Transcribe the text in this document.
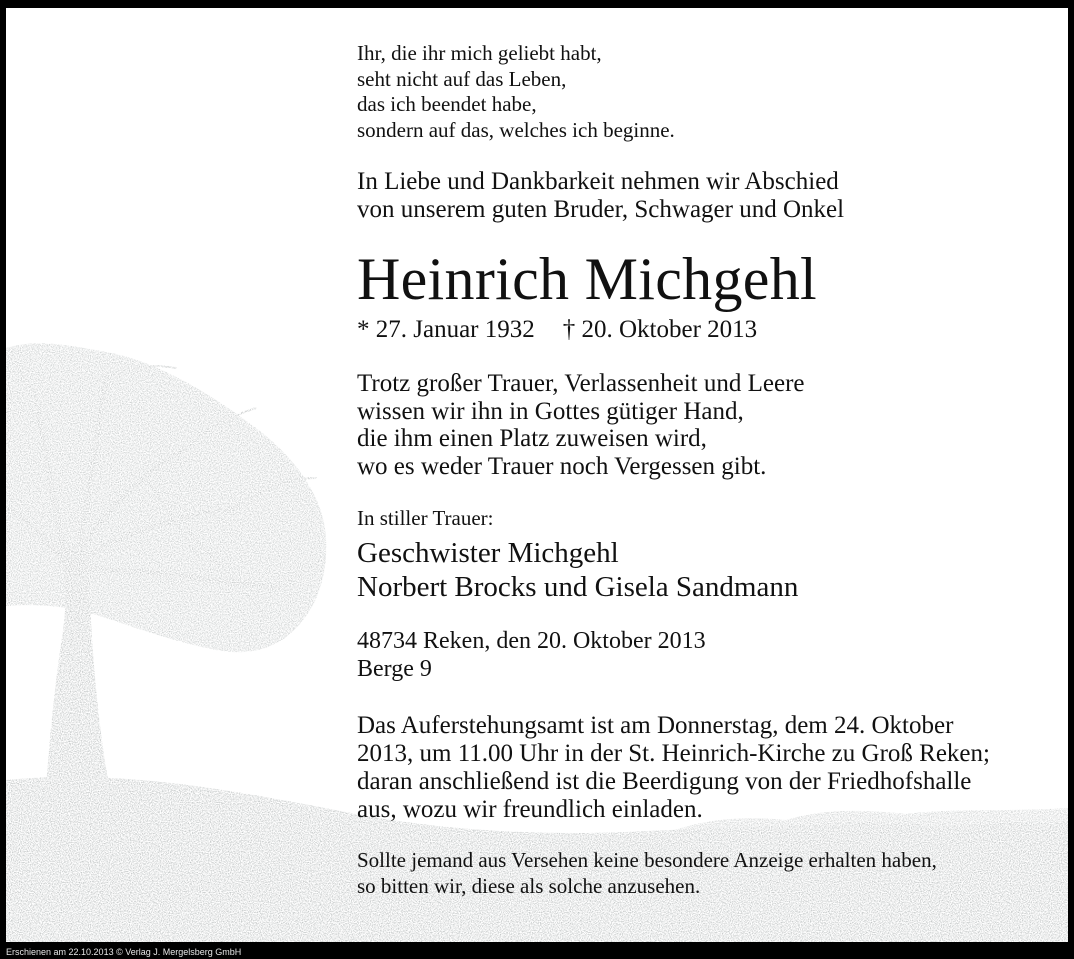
Ihr, die ihr mich geliebt habt,
seht nicht auf das Leben,
das ich beendet habe,
sondern auf das, welches ich beginne.
In Liebe und Dankbarkeit nehmen wir Abschied
von unserem guten Bruder, Schwager und Onkel
Heinrich Michgehl
* 27. Januar 1932 † 20. Oktober 2013
Trotz großer Trauer, Verlassenheit und Leere
wissen wir ihn in Gottes gütiger Hand,
die ihm einen Platz zuweisen wird,
wo es weder Trauer noch Vergessen gibt.
In stiller Trauer:
Geschwister Michgehl
Norbert Brocks und Gisela Sandmann
48734 Reken, den 20. Oktober 2013
Berge 9
Das Auferstehungsamt ist am Donnerstag, dem 24. Oktober
2013, um 11.00 Uhr in der St. Heinrich-Kirche zu Groß Reken;
daran anschließend ist die Beerdigung von der Friedhofshalle
aus, wozu wir freundlich einladen.
Sollte jemand aus Versehen keine besondere Anzeige erhalten haben,
so bitten wir, diese als solche anzusehen.
Erschienen am 22.10.2013 © Verlag J. Mergelsberg GmbH
